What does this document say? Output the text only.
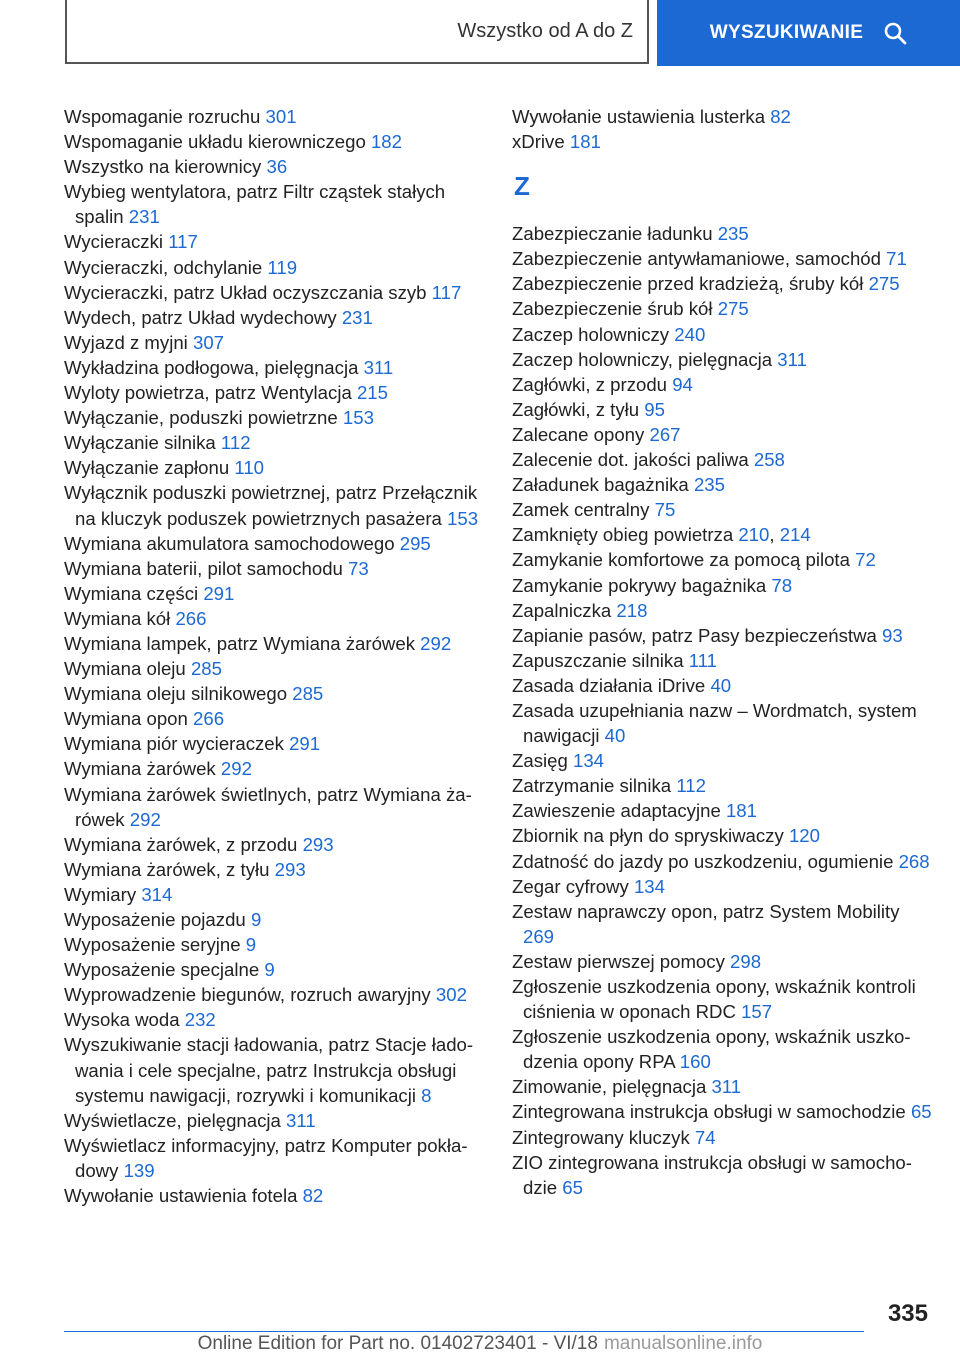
Wszystko od A do Z	WYSZUKIWANIE
Wspomaganie rozruchu 301
Wspomaganie układu kierowniczego 182
Wszystko na kierownicy 36
Wybieg wentylatora, patrz Filtr cząstek stałych spalin 231
Wycieraczki 117
Wycieraczki, odchylanie 119
Wycieraczki, patrz Układ oczyszczania szyb 117
Wydech, patrz Układ wydechowy 231
Wyjazd z myjni 307
Wykładzina podłogowa, pielęgnacja 311
Wyloty powietrza, patrz Wentylacja 215
Wyłączanie, poduszki powietrzne 153
Wyłączanie silnika 112
Wyłączanie zapłonu 110
Wyłącznik poduszki powietrznej, patrz Przełącznik na kluczyk poduszek powietrznych pasażera 153
Wymiana akumulatora samochodowego 295
Wymiana baterii, pilot samochodu 73
Wymiana części 291
Wymiana kół 266
Wymiana lampek, patrz Wymiana żarówek 292
Wymiana oleju 285
Wymiana oleju silnikowego 285
Wymiana opon 266
Wymiana piór wycieraczek 291
Wymiana żarówek 292
Wymiana żarówek świetlnych, patrz Wymiana żarówek 292
Wymiana żarówek, z przodu 293
Wymiana żarówek, z tyłu 293
Wymiary 314
Wyposażenie pojazdu 9
Wyposażenie seryjne 9
Wyposażenie specjalne 9
Wyprowadzenie biegunów, rozruch awaryjny 302
Wysoka woda 232
Wyszukiwanie stacji ładowania, patrz Stacje ładowania i cele specjalne, patrz Instrukcja obsługi systemu nawigacji, rozrywki i komunikacji 8
Wyświetlacze, pielęgnacja 311
Wyświetlacz informacyjny, patrz Komputer pokładowy 139
Wywołanie ustawienia fotela 82
Wywołanie ustawienia lusterka 82
xDrive 181
Z
Zabezpieczanie ładunku 235
Zabezpieczenie antywłamaniowe, samochód 71
Zabezpieczenie przed kradzieżą, śruby kół 275
Zabezpieczenie śrub kół 275
Zaczep holowniczy 240
Zaczep holowniczy, pielęgnacja 311
Zagłówki, z przodu 94
Zagłówki, z tyłu 95
Zalecane opony 267
Zalecenie dot. jakości paliwa 258
Załadunek bagażnika 235
Zamek centralny 75
Zamknięty obieg powietrza 210, 214
Zamykanie komfortowe za pomocą pilota 72
Zamykanie pokrywy bagażnika 78
Zapalniczka 218
Zapianie pasów, patrz Pasy bezpieczeństwa 93
Zapuszczanie silnika 111
Zasada działania iDrive 40
Zasada uzupełniania nazw – Wordmatch, system nawigacji 40
Zasięg 134
Zatrzymanie silnika 112
Zawieszenie adaptacyjne 181
Zbiornik na płyn do spryskiwaczy 120
Zdatność do jazdy po uszkodzeniu, ogumienie 268
Zegar cyfrowy 134
Zestaw naprawczy opon, patrz System Mobility 269
Zestaw pierwszej pomocy 298
Zgłoszenie uszkodzenia opony, wskaźnik kontroli ciśnienia w oponach RDC 157
Zgłoszenie uszkodzenia opony, wskaźnik uszkodzenia opony RPA 160
Zimowanie, pielęgnacja 311
Zintegrowana instrukcja obsługi w samochodzie 65
Zintegrowany kluczyk 74
ZIO zintegrowana instrukcja obsługi w samochodzie 65
335
Online Edition for Part no. 01402723401 - VI/18 manualsonline.info
